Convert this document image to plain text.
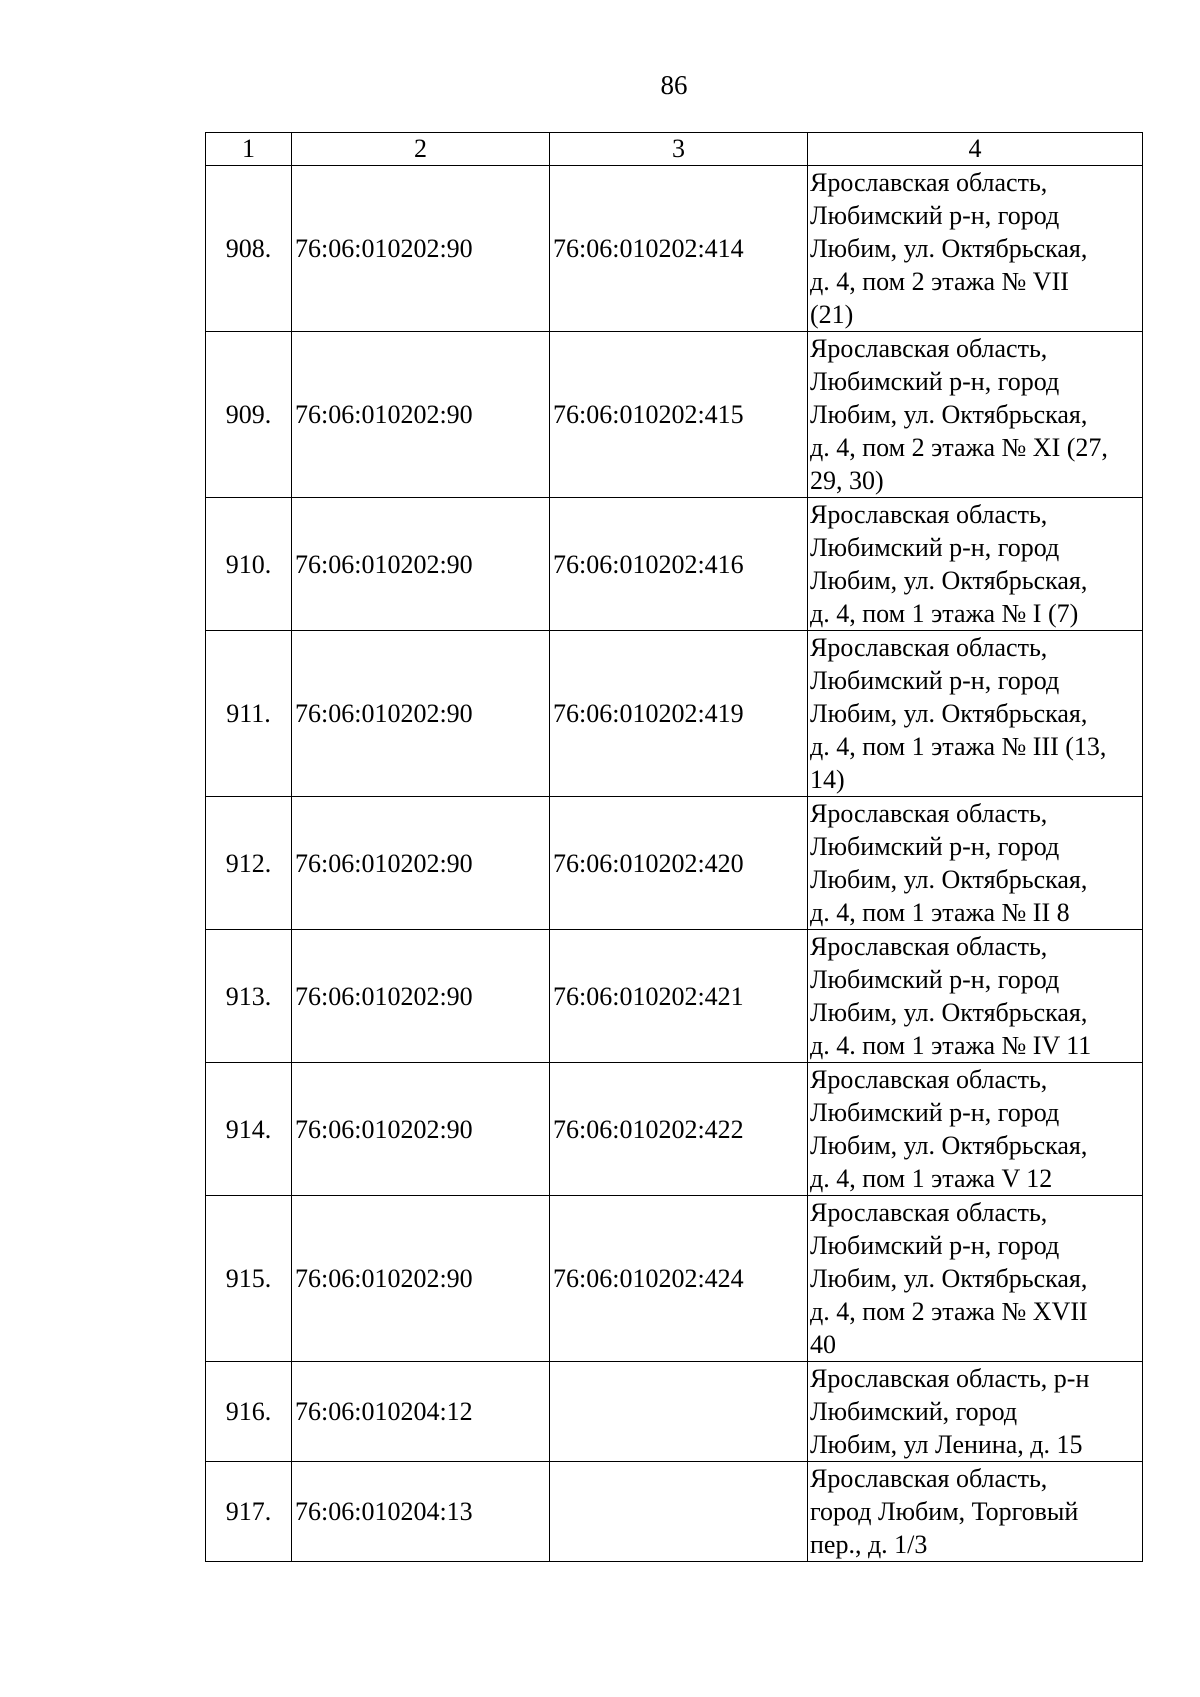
86
1	2	3	4
908.	76:06:010202:90	76:06:010202:414	Ярославская область,
Любимский р-н, город
Любим, ул. Октябрьская,
д. 4, пом 2 этажа № VII
(21)

909.	76:06:010202:90	76:06:010202:415	Ярославская область,
Любимский р-н, город
Любим, ул. Октябрьская,
д. 4, пом 2 этажа № XI (27,
29, 30)

910.	76:06:010202:90	76:06:010202:416	Ярославская область,
Любимский р-н, город
Любим, ул. Октябрьская,
д. 4, пом 1 этажа № I (7)

911.	76:06:010202:90	76:06:010202:419	Ярославская область,
Любимский р-н, город
Любим, ул. Октябрьская,
д. 4, пом 1 этажа № III (13,
14)

912.	76:06:010202:90	76:06:010202:420	Ярославская область,
Любимский р-н, город
Любим, ул. Октябрьская,
д. 4, пом 1 этажа № II 8

913.	76:06:010202:90	76:06:010202:421	Ярославская область,
Любимский р-н, город
Любим, ул. Октябрьская,
д. 4. пом 1 этажа № IV 11

914.	76:06:010202:90	76:06:010202:422	Ярославская область,
Любимский р-н, город
Любим, ул. Октябрьская,
д. 4, пом 1 этажа V 12

915.	76:06:010202:90	76:06:010202:424	Ярославская область,
Любимский р-н, город
Любим, ул. Октябрьская,
д. 4, пом 2 этажа № XVII
40

916.	76:06:010204:12		Ярославская область, р-н
Любимский, город
Любим, ул Ленина, д. 15

917.	76:06:010204:13		Ярославская область,
город Любим, Торговый
пер., д. 1/3
